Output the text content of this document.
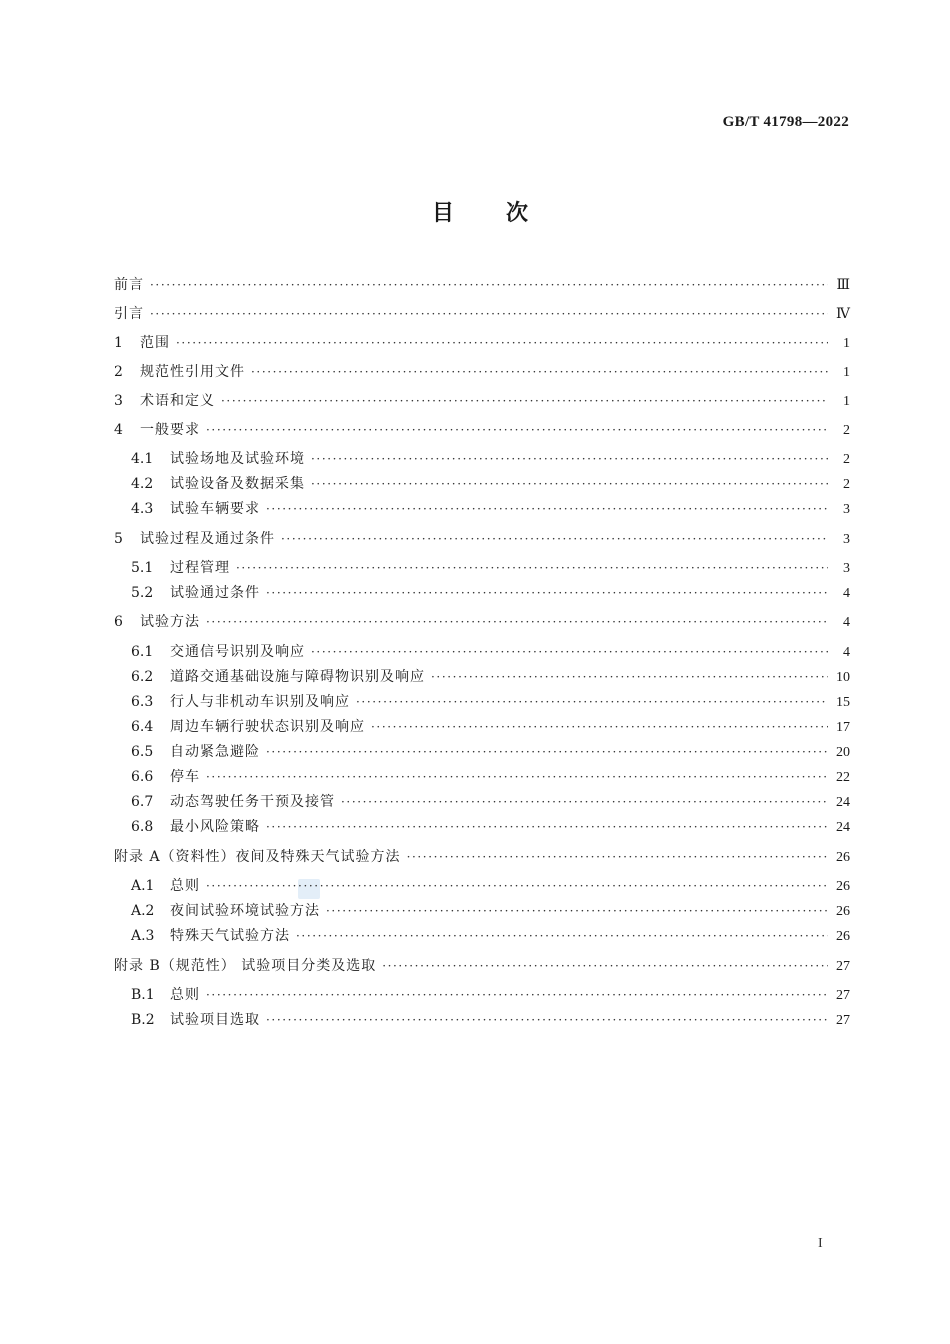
GB/T 41798—2022
目 次
前言 ·····	Ⅲ
引言 ·····	Ⅳ
1	范围 ·····	1
2	规范性引用文件 ·····	1
3	术语和定义 ·····	1
4	一般要求 ·····	2
4.1	试验场地及试验环境 ·····	2
4.2	试验设备及数据采集 ·····	2
4.3	试验车辆要求 ·····	3
5	试验过程及通过条件 ·····	3
5.1	过程管理 ·····	3
5.2	试验通过条件 ·····	4
6	试验方法 ·····	4
6.1	交通信号识别及响应 ·····	4
6.2	道路交通基础设施与障碍物识别及响应 ·····	10
6.3	行人与非机动车识别及响应 ·····	15
6.4	周边车辆行驶状态识别及响应 ·····	17
6.5	自动紧急避险 ·····	20
6.6	停车 ·····	22
6.7	动态驾驶任务干预及接管 ·····	24
6.8	最小风险策略 ·····	24
附录 A（资料性）夜间及特殊天气试验方法 ·····	26
A.1	总则 ·····	26
A.2	夜间试验环境试验方法 ·····	26
A.3	特殊天气试验方法 ·····	26
附录 B（规范性） 试验项目分类及选取 ·····	27
B.1	总则 ·····	27
B.2	试验项目选取 ·····	27
I
